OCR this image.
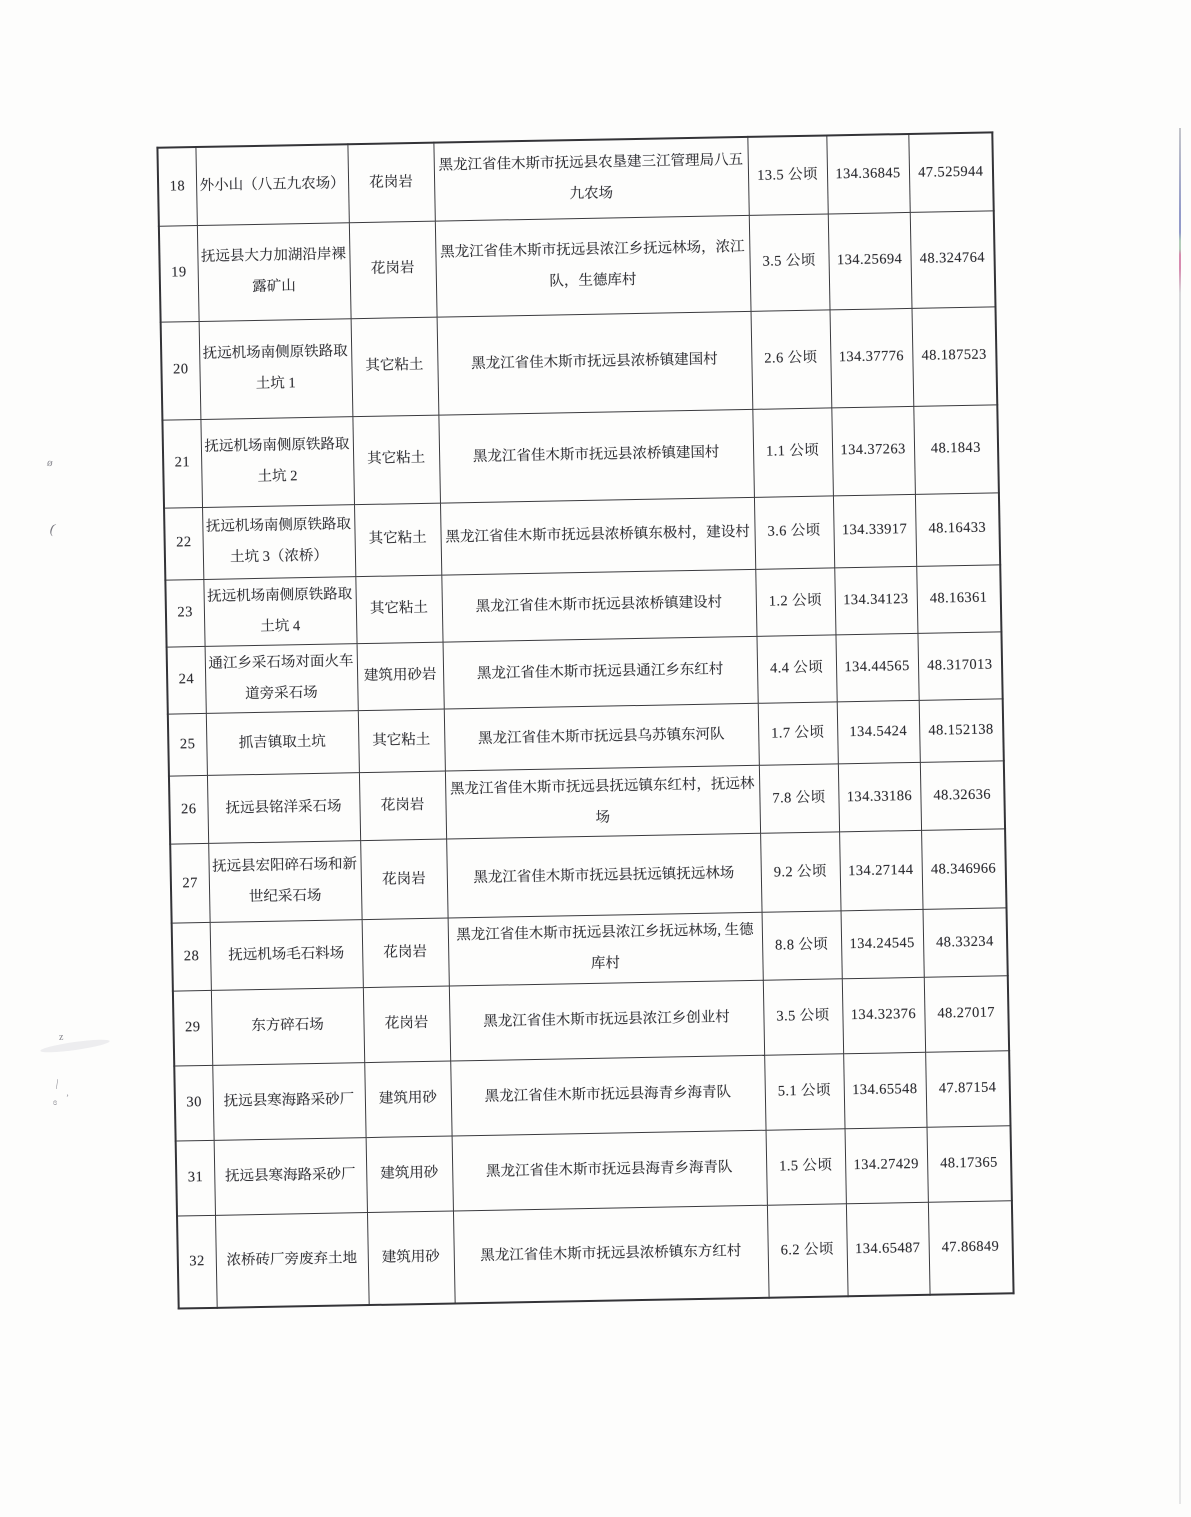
18	外小山（八五九农场）	花岗岩	黑龙江省佳木斯市抚远县农垦建三江管理局八五九农场	13.5 公顷	134.36845	47.525944
19	抚远县大力加湖沿岸裸露矿山	花岗岩	黑龙江省佳木斯市抚远县浓江乡抚远林场，浓江队，生德库村	3.5 公顷	134.25694	48.324764
20	抚远机场南侧原铁路取土坑 1	其它粘土	黑龙江省佳木斯市抚远县浓桥镇建国村	2.6 公顷	134.37776	48.187523
21	抚远机场南侧原铁路取土坑 2	其它粘土	黑龙江省佳木斯市抚远县浓桥镇建国村	1.1 公顷	134.37263	48.1843
22	抚远机场南侧原铁路取土坑 3（浓桥）	其它粘土	黑龙江省佳木斯市抚远县浓桥镇东极村，建设村	3.6 公顷	134.33917	48.16433
23	抚远机场南侧原铁路取土坑 4	其它粘土	黑龙江省佳木斯市抚远县浓桥镇建设村	1.2 公顷	134.34123	48.16361
24	通江乡采石场对面火车道旁采石场	建筑用砂岩	黑龙江省佳木斯市抚远县通江乡东红村	4.4 公顷	134.44565	48.317013
25	抓吉镇取土坑	其它粘土	黑龙江省佳木斯市抚远县乌苏镇东河队	1.7 公顷	134.5424	48.152138
26	抚远县铭洋采石场	花岗岩	黑龙江省佳木斯市抚远县抚远镇东红村，抚远林场	7.8 公顷	134.33186	48.32636
27	抚远县宏阳碎石场和新世纪采石场	花岗岩	黑龙江省佳木斯市抚远县抚远镇抚远林场	9.2 公顷	134.27144	48.346966
28	抚远机场毛石料场	花岗岩	黑龙江省佳木斯市抚远县浓江乡抚远林场, 生德库村	8.8 公顷	134.24545	48.33234
29	东方碎石场	花岗岩	黑龙江省佳木斯市抚远县浓江乡创业村	3.5 公顷	134.32376	48.27017
30	抚远县寒海路采砂厂	建筑用砂	黑龙江省佳木斯市抚远县海青乡海青队	5.1 公顷	134.65548	47.87154
31	抚远县寒海路采砂厂	建筑用砂	黑龙江省佳木斯市抚远县海青乡海青队	1.5 公顷	134.27429	48.17365
32	浓桥砖厂旁废弃土地	建筑用砂	黑龙江省佳木斯市抚远县浓桥镇东方红村	6.2 公顷	134.65487	47.86849
ø
(
z
∕
ɞ ’
